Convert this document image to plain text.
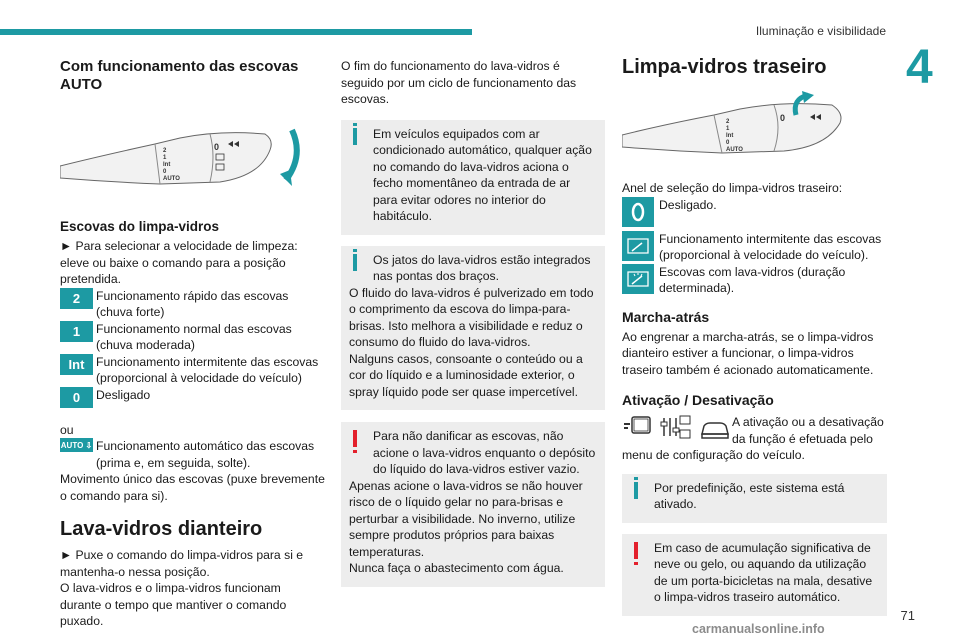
Iluminação e visibilidade
4
Com funcionamento das escovas AUTO
2
1
Int
0
AUTO
0
Escovas do limpa-vidros
► Para selecionar a velocidade de limpeza: eleve ou baixe o comando para a posição pretendida.
2	Funcionamento rápido das escovas (chuva forte)
1	Funcionamento normal das escovas (chuva moderada)
Int Funcionamento intermitente das escovas (proporcional à velocidade do veículo)
0	Desligado
ou
AUTO ⇩ Funcionamento automático das escovas (prima e, em seguida, solte).
Movimento único das escovas (puxe brevemente o comando para si).
Lava-vidros dianteiro
► Puxe o comando do limpa-vidros para si e mantenha-o nessa posição.
O lava-vidros e o limpa-vidros funcionam durante o tempo que mantiver o comando puxado.
O fim do funcionamento do lava-vidros é seguido por um ciclo de funcionamento das escovas.
Em veículos equipados com ar condicionado automático, qualquer ação no comando do lava-vidros aciona o fecho momentâneo da entrada de ar para evitar odores no interior do habitáculo.
Os jatos do lava-vidros estão integrados nas pontas dos braços.
O fluido do lava-vidros é pulverizado em todo o comprimento da escova do limpa-para-brisas. Isto melhora a visibilidade e reduz o consumo do fluido do lava-vidros.
Nalguns casos, consoante o conteúdo ou a cor do líquido e a luminosidade exterior, o spray líquido pode ser quase impercetível.
Para não danificar as escovas, não acione o lava-vidros enquanto o depósito do líquido do lava-vidros estiver vazio.
Apenas acione o lava-vidros se não houver risco de o líquido gelar no para-brisas e perturbar a visibilidade. No inverno, utilize sempre produtos próprios para baixas temperaturas.
Nunca faça o abastecimento com água.
Limpa-vidros traseiro
2
1
Int
0
AUTO
0
Anel de seleção do limpa-vidros traseiro:
Desligado.
Funcionamento intermitente das escovas (proporcional à velocidade do veículo).
Escovas com lava-vidros (duração determinada).
Marcha-atrás
Ao engrenar a marcha-atrás, se o limpa-vidros dianteiro estiver a funcionar, o limpa-vidros traseiro também é acionado automaticamente.
Ativação / Desativação
A ativação ou a desativação da função é efetuada pelo menu de configuração do veículo.
Por predefinição, este sistema está ativado.
Em caso de acumulação significativa de neve ou gelo, ou aquando da utilização de um porta-bicicletas na mala, desative o limpa-vidros traseiro automático.
71
carmanualsonline.info
